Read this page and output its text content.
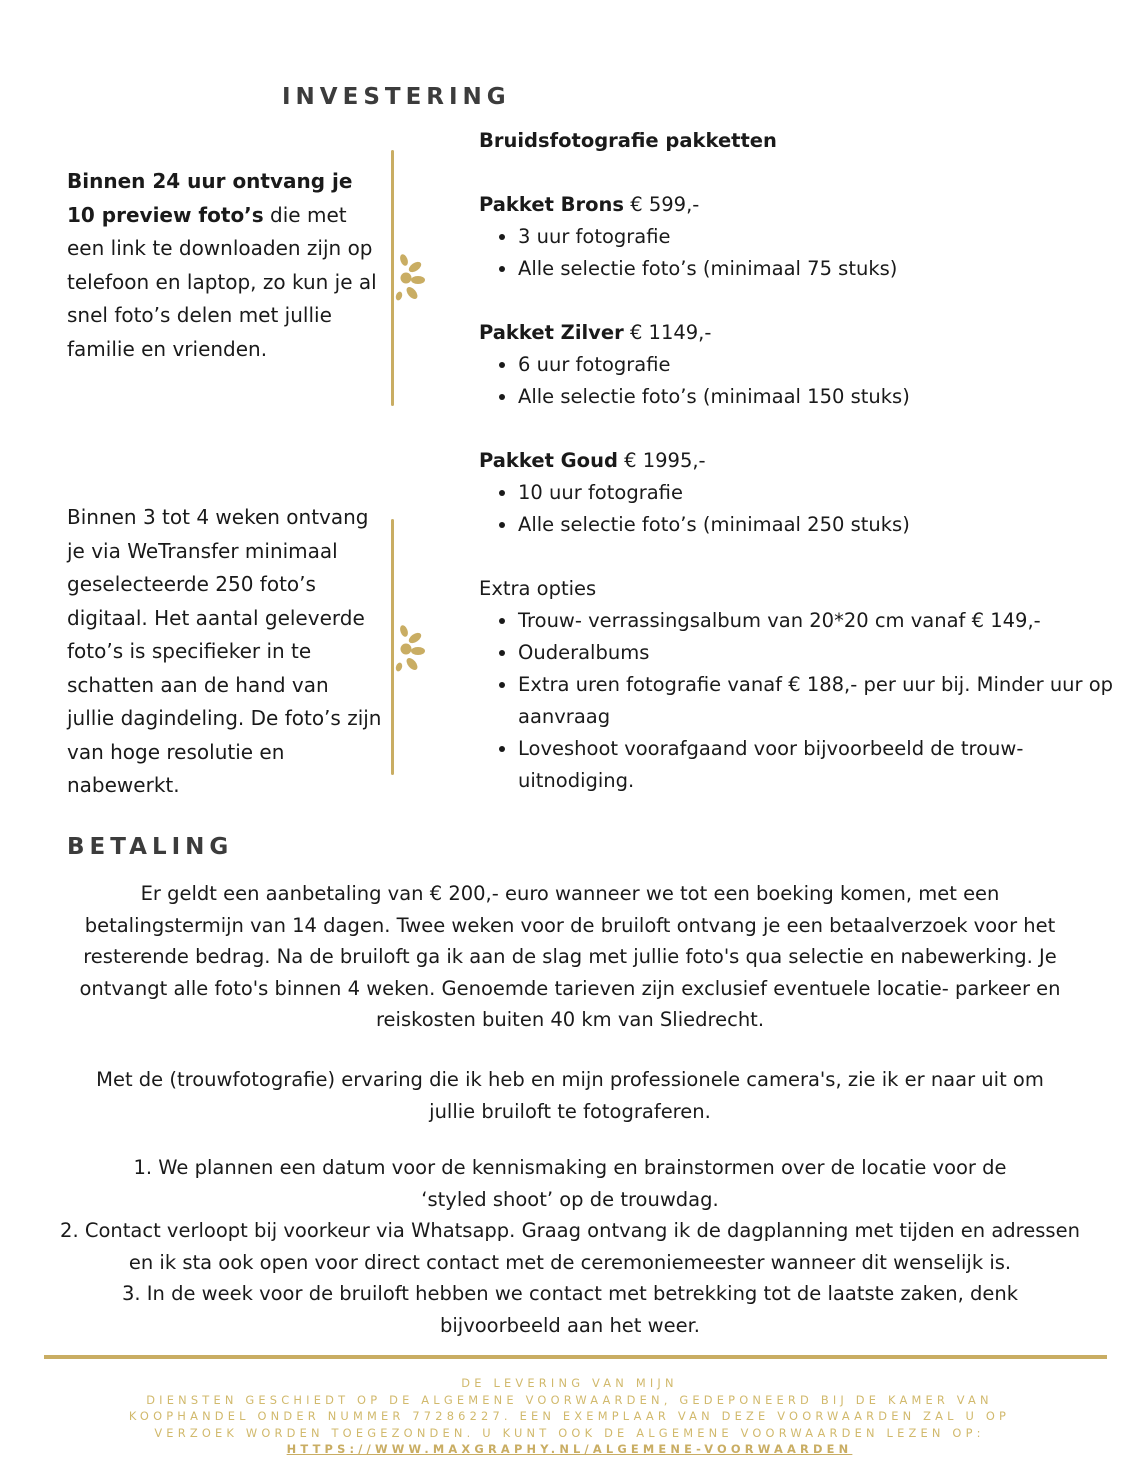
INVESTERING
Binnen 24 uur ontvang je 10 preview foto’s die met een link te downloaden zijn op telefoon en laptop, zo kun je al snel foto’s delen met jullie familie en vrienden.
Binnen 3 tot 4 weken ontvang je via WeTransfer minimaal geselecteerde 250 foto’s digitaal. Het aantal geleverde foto’s is specifieker in te schatten aan de hand van jullie dagindeling. De foto’s zijn van hoge resolutie en nabewerkt.
Bruidsfotografie pakketten
Pakket Brons € 599,-
• 3 uur fotografie
• Alle selectie foto’s (minimaal 75 stuks)
Pakket Zilver € 1149,-
• 6 uur fotografie
• Alle selectie foto’s (minimaal 150 stuks)
Pakket Goud € 1995,-
• 10 uur fotografie
• Alle selectie foto’s (minimaal 250 stuks)
Extra opties
• Trouw- verrassingsalbum van 20*20 cm vanaf € 149,-
• Ouderalbums
• Extra uren fotografie vanaf € 188,- per uur bij. Minder uur op aanvraag
• Loveshoot voorafgaand voor bijvoorbeeld de trouw-uitnodiging.
BETALING
Er geldt een aanbetaling van € 200,- euro wanneer we tot een boeking komen, met een betalingstermijn van 14 dagen. Twee weken voor de bruiloft ontvang je een betaalverzoek voor het resterende bedrag. Na de bruiloft ga ik aan de slag met jullie foto's qua selectie en nabewerking. Je ontvangt alle foto's binnen 4 weken. Genoemde tarieven zijn exclusief eventuele locatie- parkeer en reiskosten buiten 40 km van Sliedrecht.
Met de (trouwfotografie) ervaring die ik heb en mijn professionele camera's, zie ik er naar uit om jullie bruiloft te fotograferen.
1. We plannen een datum voor de kennismaking en brainstormen over de locatie voor de ‘styled shoot’ op de trouwdag.
2. Contact verloopt bij voorkeur via Whatsapp. Graag ontvang ik de dagplanning met tijden en adressen en ik sta ook open voor direct contact met de ceremoniemeester wanneer dit wenselijk is.
3. In de week voor de bruiloft hebben we contact met betrekking tot de laatste zaken, denk bijvoorbeeld aan het weer.
DE LEVERING VAN MIJN
DIENSTEN GESCHIEDT OP DE ALGEMENE VOORWAARDEN, GEDEPONEERD BIJ DE KAMER VAN KOOPHANDEL ONDER NUMMER 77286227. EEN EXEMPLAAR VAN DEZE VOORWAARDEN ZAL U OP VERZOEK WORDEN TOEGEZONDEN. U KUNT OOK DE ALGEMENE VOORWAARDEN LEZEN OP:
HTTPS://WWW.MAXGRAPHY.NL/ALGEMENE-VOORWAARDEN
